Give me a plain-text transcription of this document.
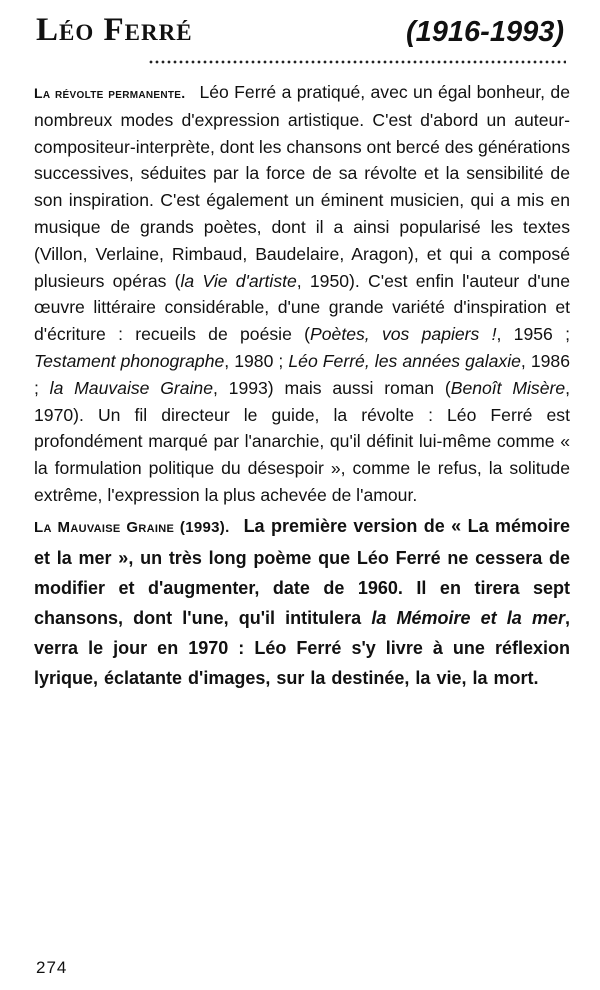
Léo Ferré	(1916-1993)

La révolte permanente. Léo Ferré a pratiqué, avec un égal bonheur, de nombreux modes d'expression artistique. C'est d'abord un auteur-compositeur-interprète, dont les chansons ont bercé des générations successives, séduites par la force de sa révolte et la sensibilité de son inspiration. C'est également un éminent musicien, qui a mis en musique de grands poètes, dont il a ainsi popularisé les textes (Villon, Verlaine, Rimbaud, Baudelaire, Aragon), et qui a composé plusieurs opéras (la Vie d'artiste, 1950). C'est enfin l'auteur d'une œuvre littéraire considérable, d'une grande variété d'inspiration et d'écriture : recueils de poésie (Poètes, vos papiers !, 1956 ; Testament phonographe, 1980 ; Léo Ferré, les années galaxie, 1986 ; la Mauvaise Graine, 1993) mais aussi roman (Benoît Misère, 1970). Un fil directeur le guide, la révolte : Léo Ferré est profondément marqué par l'anarchie, qu'il définit lui-même comme « la formulation politique du désespoir », comme le refus, la solitude extrême, l'expression la plus achevée de l'amour.

La Mauvaise Graine (1993). La première version de « La mémoire et la mer », un très long poème que Léo Ferré ne cessera de modifier et d'augmenter, date de 1960. Il en tirera sept chansons, dont l'une, qu'il intitulera la Mémoire et la mer, verra le jour en 1970 : Léo Ferré s'y livre à une réflexion lyrique, éclatante d'images, sur la destinée, la vie, la mort.

274
